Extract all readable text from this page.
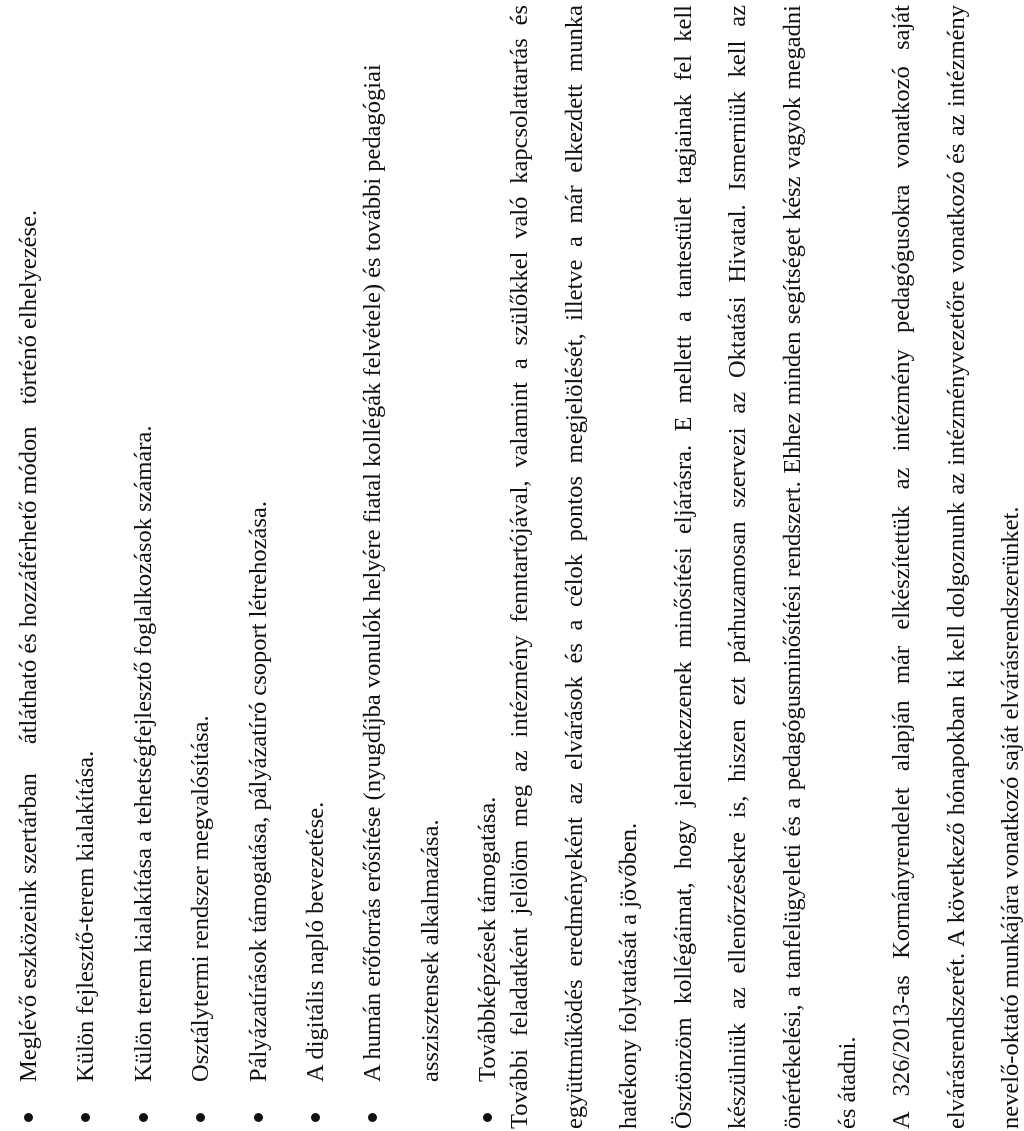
Meglévő eszközeink szertárbanátlátható és hozzáférhető módontörténő elhelyezése.
Külön fejlesztő-terem kialakítása.	Külön terem kialakítása a tehetségfejlesztő foglalkozások számára.	Osztálytermi rendszer megvalósítása.	Pályázatírások támogatása, pályázatíró csoport létrehozása.	A digitális napló bevezetése.	A humán erőforrás erősítése (nyugdíjba vonulók helyére fiatal kollégák felvétele) és további pedagógiai asszisztensek alkalmazása.	Továbbképzések támogatása. További feladatként jelölöm meg az intézmény fenntartójával, valamint a szülőkkel való kapcsolattartás és együttműködés eredményeként az elvárások és a célok pontos megjelölését, illetve a már elkezdett munka hatékony folytatását a jövőben.	Ösztönzöm kollégáimat, hogy jelentkezzenek minősítési eljárásra. E mellett a tantestület tagjainak fel kell készülniük az ellenőrzésekre is, hiszen ezt párhuzamosan szervezi az Oktatási Hivatal. Ismerniük kell az önértékelési, a tanfelügyeleti és a pedagógusminősítési rendszert. Ehhez minden segítséget kész vagyok megadni és átadni.	A 326/2013-as Kormányrendelet alapján már elkészítettük az intézmény pedagógusokra vonatkozó saját elvárásrendszerét. A következő hónapokban ki kell dolgoznunk az intézményvezetőre vonatkozó és az intézmény nevelő-oktató munkájára vonatkozó saját elvárásrendszerünket.
